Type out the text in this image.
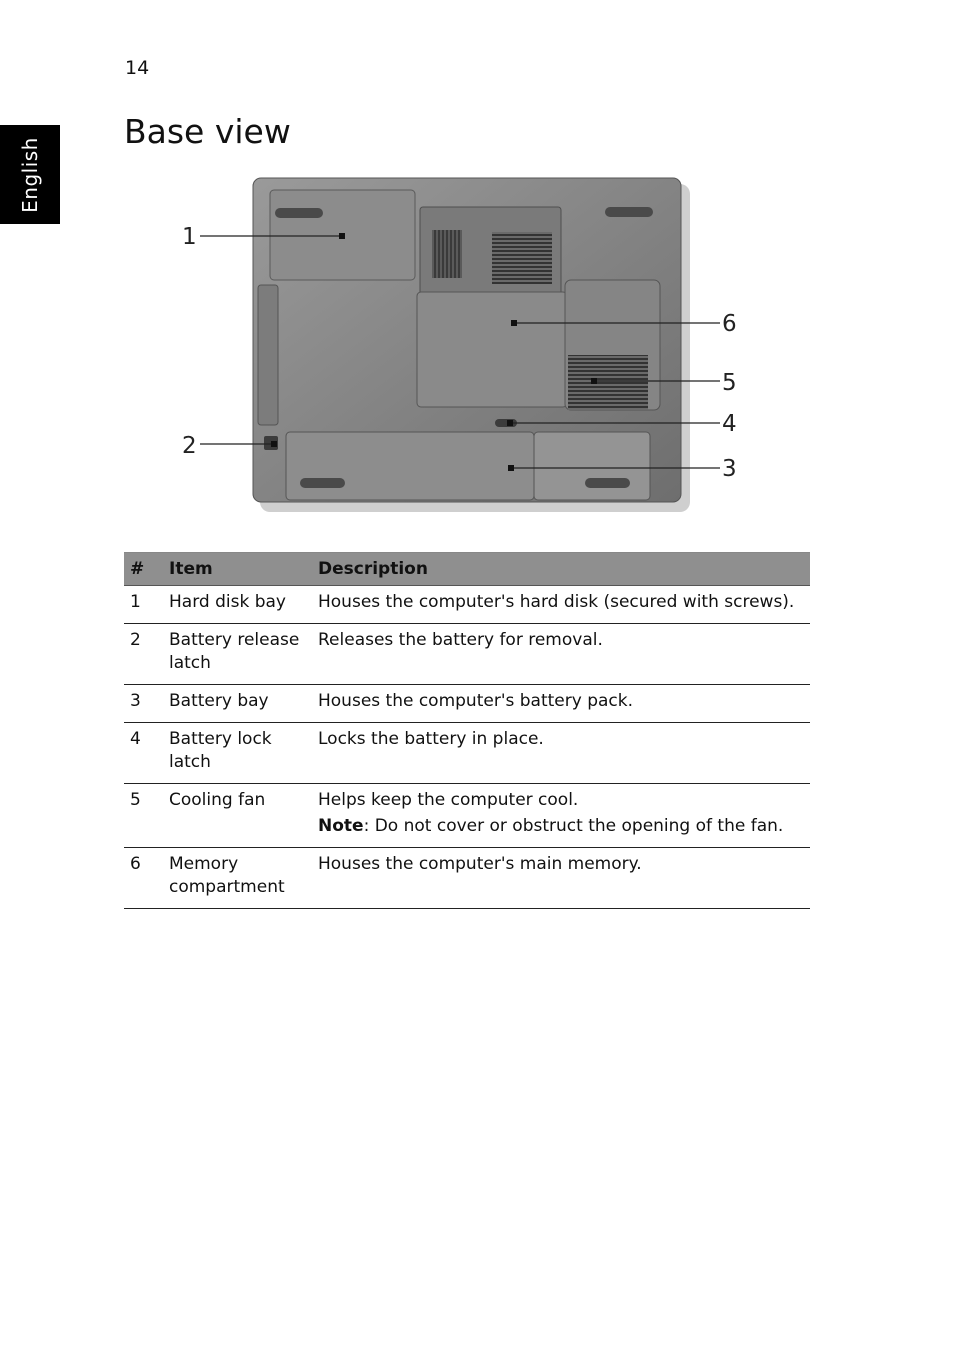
14
English
Base view
1
2
3
4
5
6
#	Item	Description
1	Hard disk bay	Houses the computer's hard disk (secured with screws).
2	Battery release latch	Releases the battery for removal.
3	Battery bay	Houses the computer's battery pack.
4	Battery lock latch	Locks the battery in place.
5	Cooling fan	Helps keep the computer cool.
Note: Do not cover or obstruct the opening of the fan.

6	Memory compartment	Houses the computer's main memory.
